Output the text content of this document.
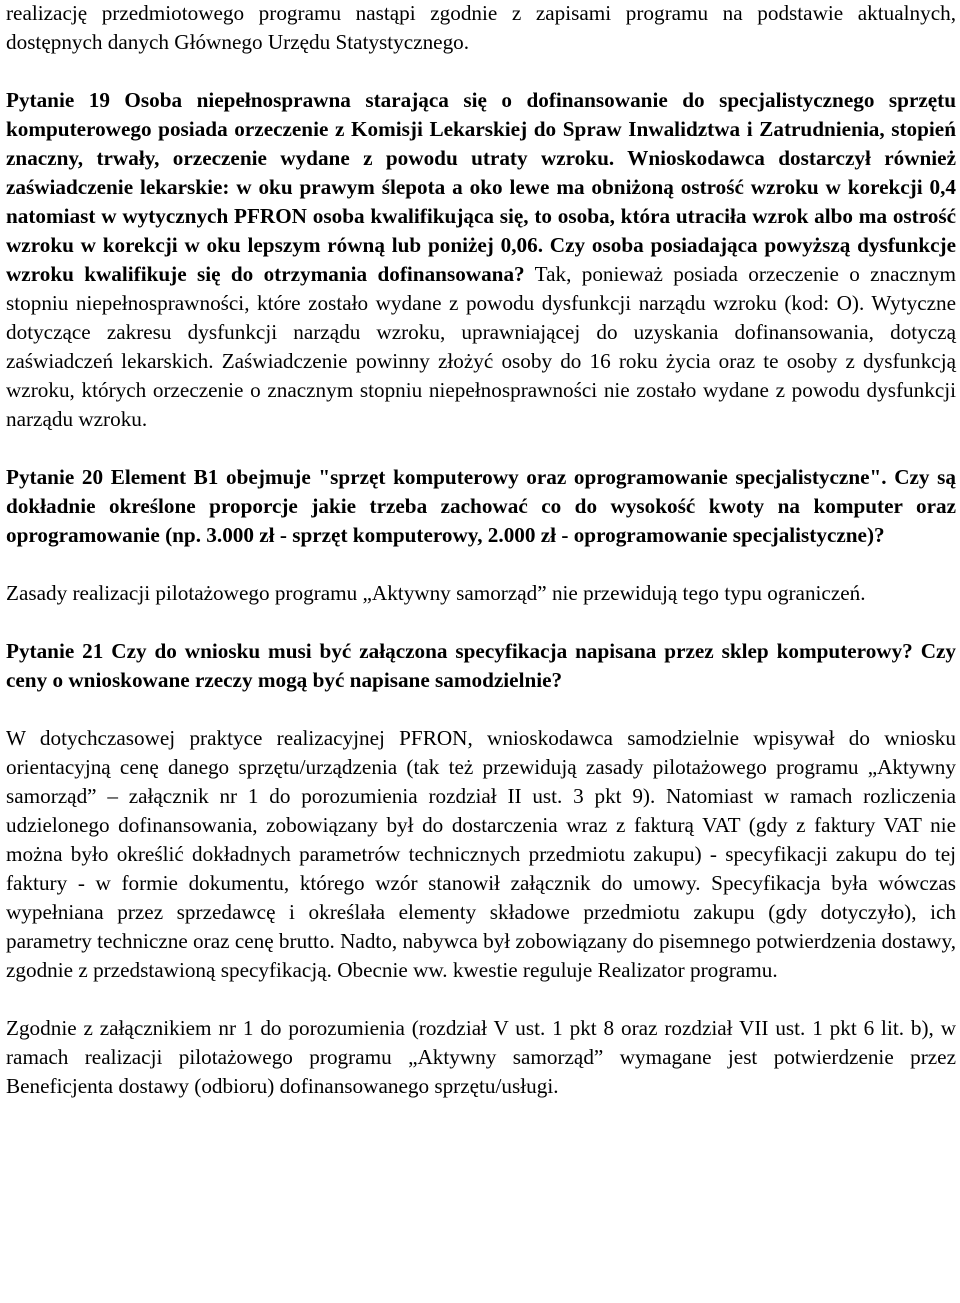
realizację przedmiotowego programu nastąpi zgodnie z zapisami programu na podstawie aktualnych, dostępnych danych Głównego Urzędu Statystycznego.

Pytanie 19 Osoba niepełnosprawna starająca się o dofinansowanie do specjalistycznego sprzętu komputerowego posiada orzeczenie z Komisji Lekarskiej do Spraw Inwalidztwa i Zatrudnienia, stopień znaczny, trwały, orzeczenie wydane z powodu utraty wzroku. Wnioskodawca dostarczył również zaświadczenie lekarskie: w oku prawym ślepota a oko lewe ma obniżoną ostrość wzroku w korekcji 0,4 natomiast w wytycznych PFRON osoba kwalifikująca się, to osoba, która utraciła wzrok albo ma ostrość wzroku w korekcji w oku lepszym równą lub poniżej 0,06. Czy osoba posiadająca powyższą dysfunkcje wzroku kwalifikuje się do otrzymania dofinansowana? Tak, ponieważ posiada orzeczenie o znacznym stopniu niepełnosprawności, które zostało wydane z powodu dysfunkcji narządu wzroku (kod: O). Wytyczne dotyczące zakresu dysfunkcji narządu wzroku, uprawniającej do uzyskania dofinansowania, dotyczą zaświadczeń lekarskich. Zaświadczenie powinny złożyć osoby do 16 roku życia oraz te osoby z dysfunkcją wzroku, których orzeczenie o znacznym stopniu niepełnosprawności nie zostało wydane z powodu dysfunkcji narządu wzroku.

Pytanie 20 Element B1 obejmuje "sprzęt komputerowy oraz oprogramowanie specjalistyczne". Czy są dokładnie określone proporcje jakie trzeba zachować co do wysokość kwoty na komputer oraz oprogramowanie (np. 3.000 zł - sprzęt komputerowy, 2.000 zł - oprogramowanie specjalistyczne)?

Zasady realizacji pilotażowego programu „Aktywny samorząd” nie przewidują tego typu ograniczeń.

Pytanie 21 Czy do wniosku musi być załączona specyfikacja napisana przez sklep komputerowy? Czy ceny o wnioskowane rzeczy mogą być napisane samodzielnie?

W dotychczasowej praktyce realizacyjnej PFRON, wnioskodawca samodzielnie wpisywał do wniosku orientacyjną cenę danego sprzętu/urządzenia (tak też przewidują zasady pilotażowego programu „Aktywny samorząd” – załącznik nr 1 do porozumienia rozdział II ust. 3 pkt 9). Natomiast w ramach rozliczenia udzielonego dofinansowania, zobowiązany był do dostarczenia wraz z fakturą VAT (gdy z faktury VAT nie można było określić dokładnych parametrów technicznych przedmiotu zakupu) - specyfikacji zakupu do tej faktury - w formie dokumentu, którego wzór stanowił załącznik do umowy. Specyfikacja była wówczas wypełniana przez sprzedawcę i określała elementy składowe przedmiotu zakupu (gdy dotyczyło), ich parametry techniczne oraz cenę brutto. Nadto, nabywca był zobowiązany do pisemnego potwierdzenia dostawy, zgodnie z przedstawioną specyfikacją. Obecnie ww. kwestie reguluje Realizator programu.

Zgodnie z załącznikiem nr 1 do porozumienia (rozdział V ust. 1 pkt 8 oraz rozdział VII ust. 1 pkt 6 lit. b), w ramach realizacji pilotażowego programu „Aktywny samorząd” wymagane jest potwierdzenie przez Beneficjenta dostawy (odbioru) dofinansowanego sprzętu/usługi.
